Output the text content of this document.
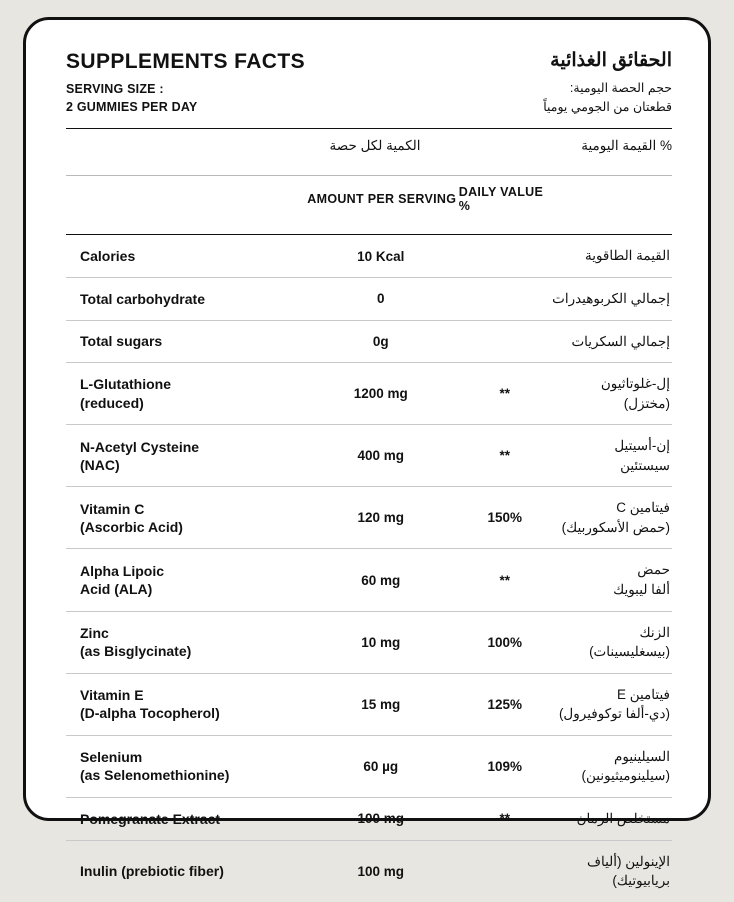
SUPPLEMENTS FACTS
SERVING SIZE :
2 GUMMIES PER DAY
الحقائق الغذائية
حجم الحصة اليومية:
قطعتان من الجومي يومياً
	الكمية لكل حصة		% القيمة اليومية
	AMOUNT PER SERVING	DAILY VALUE %	
Calories	10 Kcal		القيمة الطاقوية

Total carbohydrate	0		إجمالي الكربوهيدرات

Total sugars	0g		إجمالي السكريات

L-Glutathione
(reduced)	1200 mg	**	إل-غلوتاثيون
(مختزل)

N-Acetyl Cysteine
(NAC)	400 mg	**	إن-أسيتيل
سيستئين

Vitamin C
(Ascorbic Acid)	120 mg	150%	فيتامين C
(حمض الأسكوربيك)

Alpha Lipoic
Acid (ALA)	60 mg	**	حمض
ألفا ليبويك

Zinc
(as Bisglycinate)	10 mg	100%	الزنك
(بيسغليسينات)

Vitamin E
(D-alpha Tocopherol)	15 mg	125%	فيتامين E
(دي-ألفا توكوفيرول)

Selenium
(as Selenomethionine)	60 µg	109%	السيلينيوم
(سيلينوميثيونين)

Pomegranate Extract	100 mg	**	مستخلص الرمان

Inulin (prebiotic fiber)	100 mg		الإينولين (ألياف بريابيوتيك)
